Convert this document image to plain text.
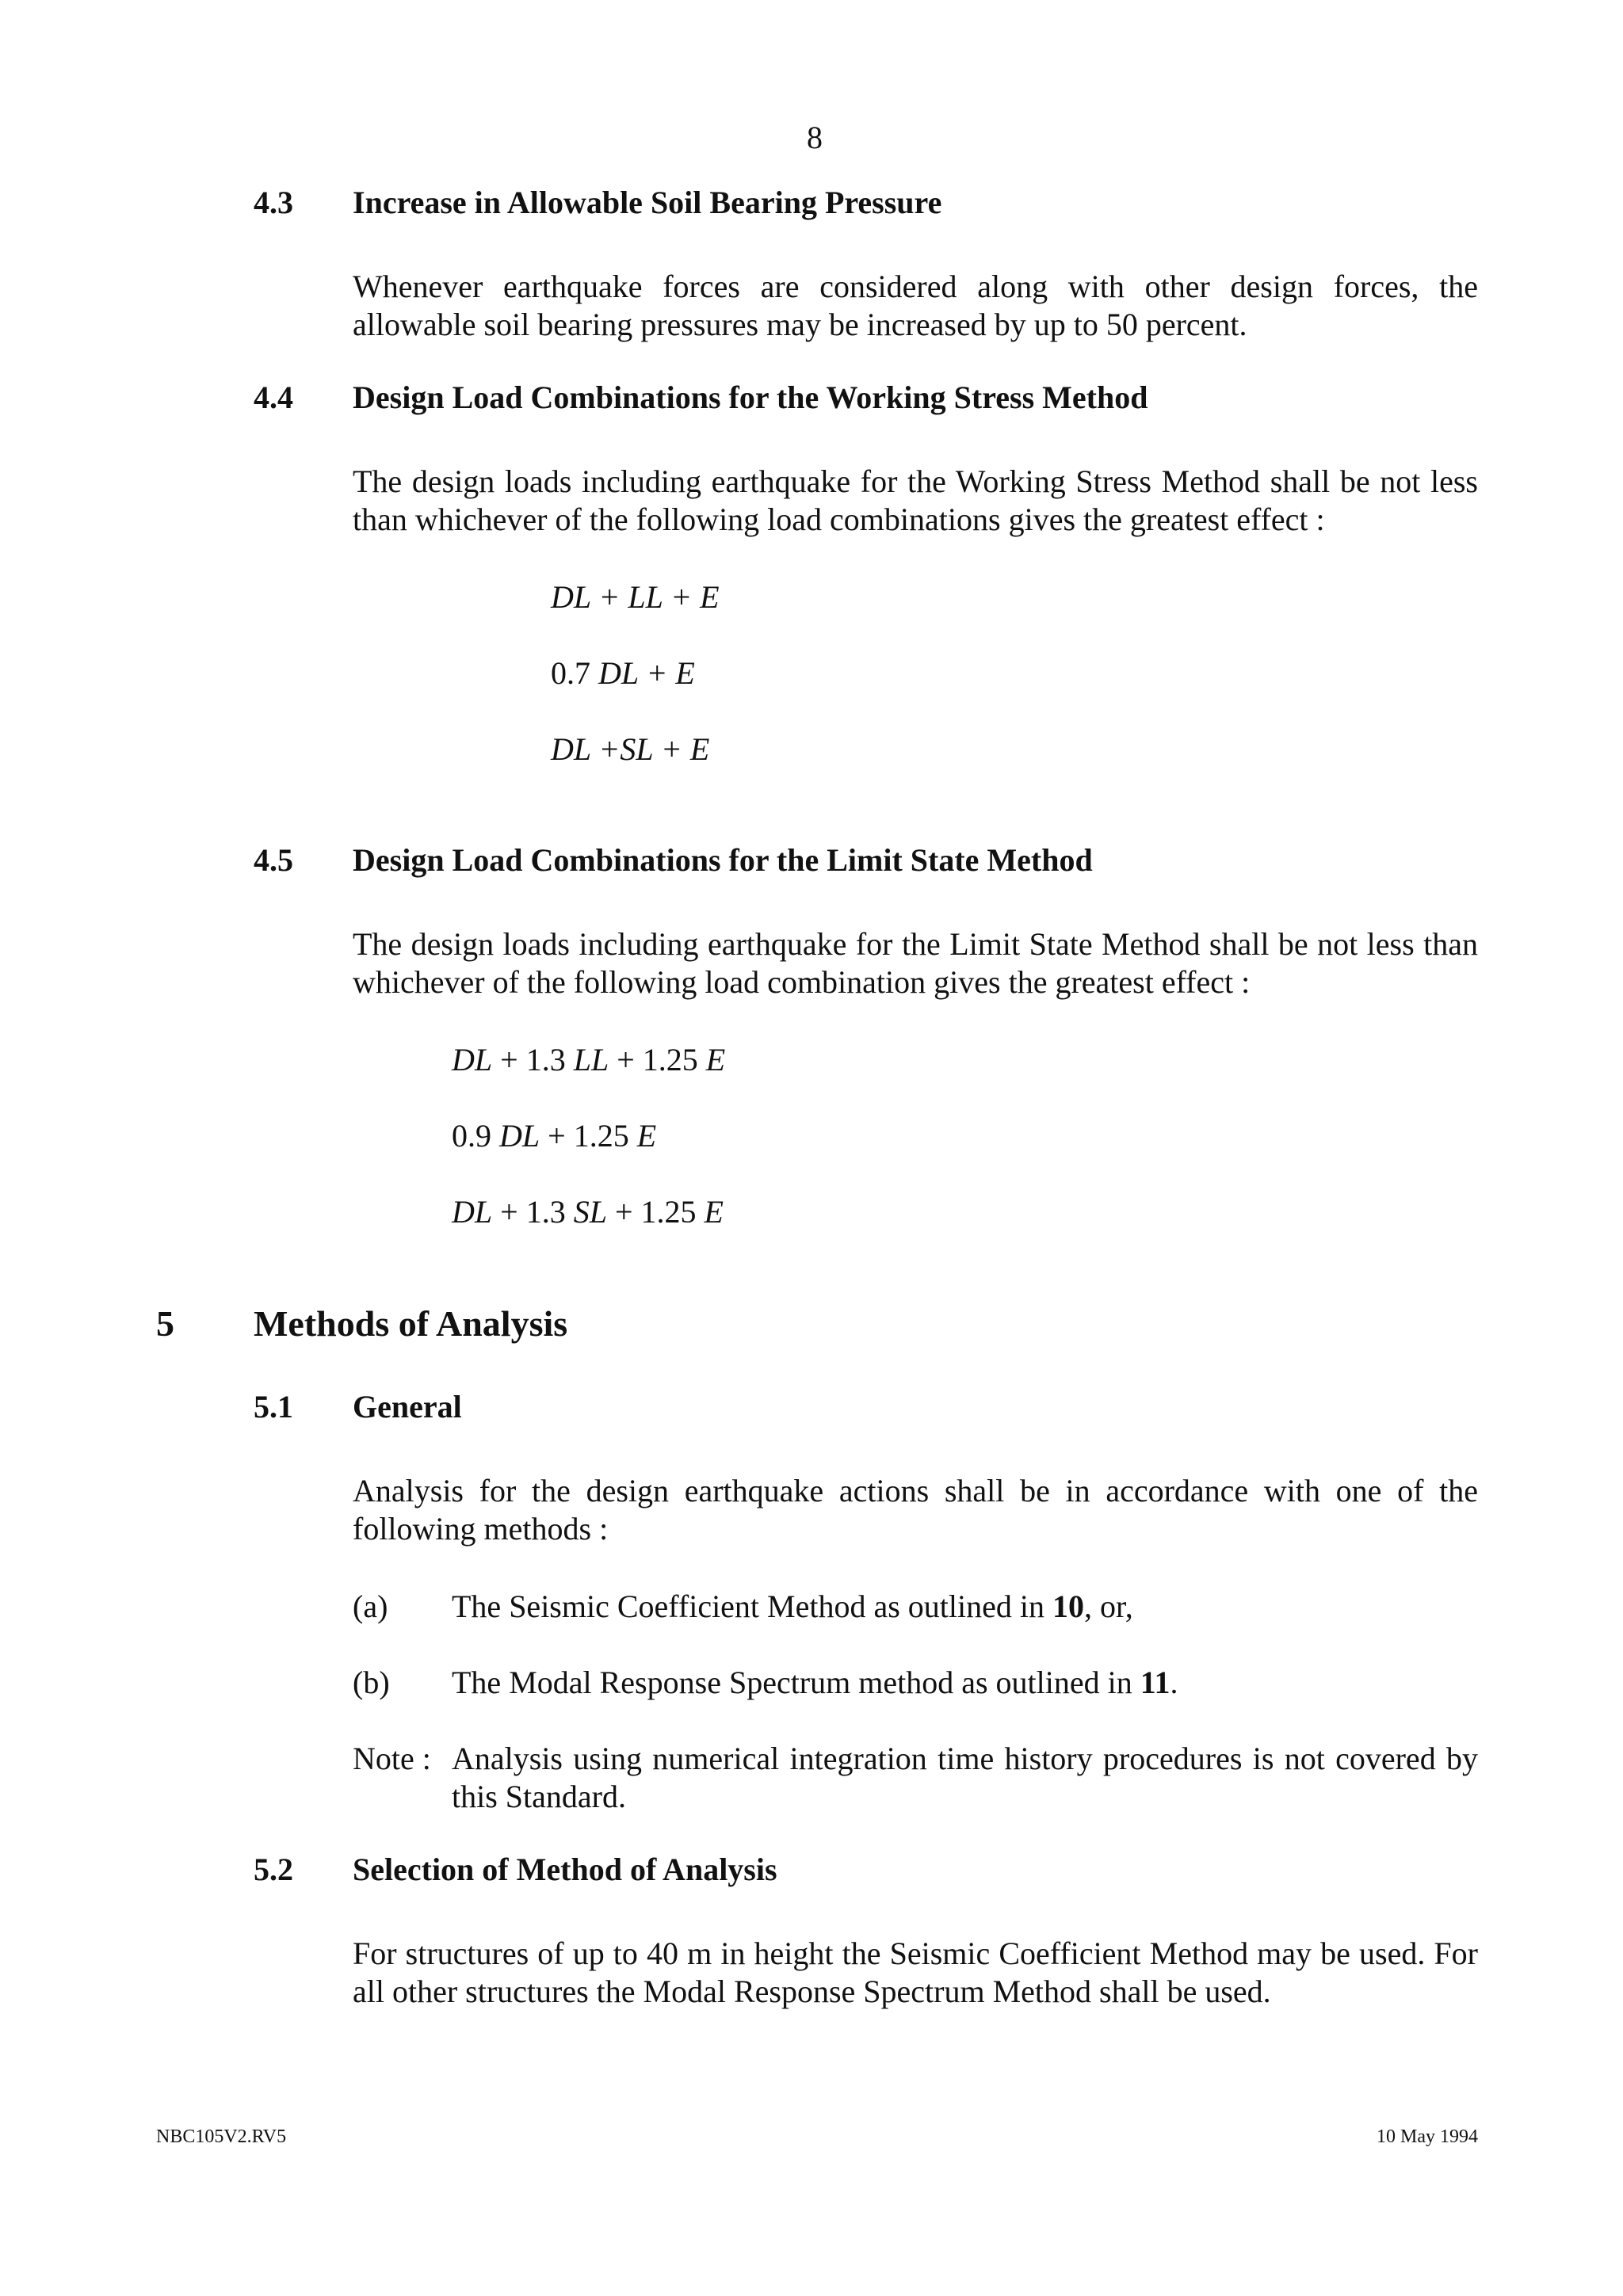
8
4.3 Increase in Allowable Soil Bearing Pressure
Whenever earthquake forces are considered along with other design forces, the allowable soil bearing pressures may be increased by up to 50 percent.
4.4 Design Load Combinations for the Working Stress Method
The design loads including earthquake for the Working Stress Method shall be not less than whichever of the following load combinations gives the greatest effect :
DL + LL + E
0.7 DL + E
DL +SL + E
4.5 Design Load Combinations for the Limit State Method
The design loads including earthquake for the Limit State Method shall be not less than whichever of the following load combination gives the greatest effect :
DL + 1.3 LL + 1.25 E
0.9 DL + 1.25 E
DL + 1.3 SL + 1.25 E
5 Methods of Analysis
5.1 General
Analysis for the design earthquake actions shall be in accordance with one of the following methods :
(a) The Seismic Coefficient Method as outlined in 10, or,
(b) The Modal Response Spectrum method as outlined in 11.
Note : Analysis using numerical integration time history procedures is not covered by this Standard.
5.2 Selection of Method of Analysis
For structures of up to 40 m in height the Seismic Coefficient Method may be used. For all other structures the Modal Response Spectrum Method shall be used.
NBC105V2.RV5	10 May 1994
